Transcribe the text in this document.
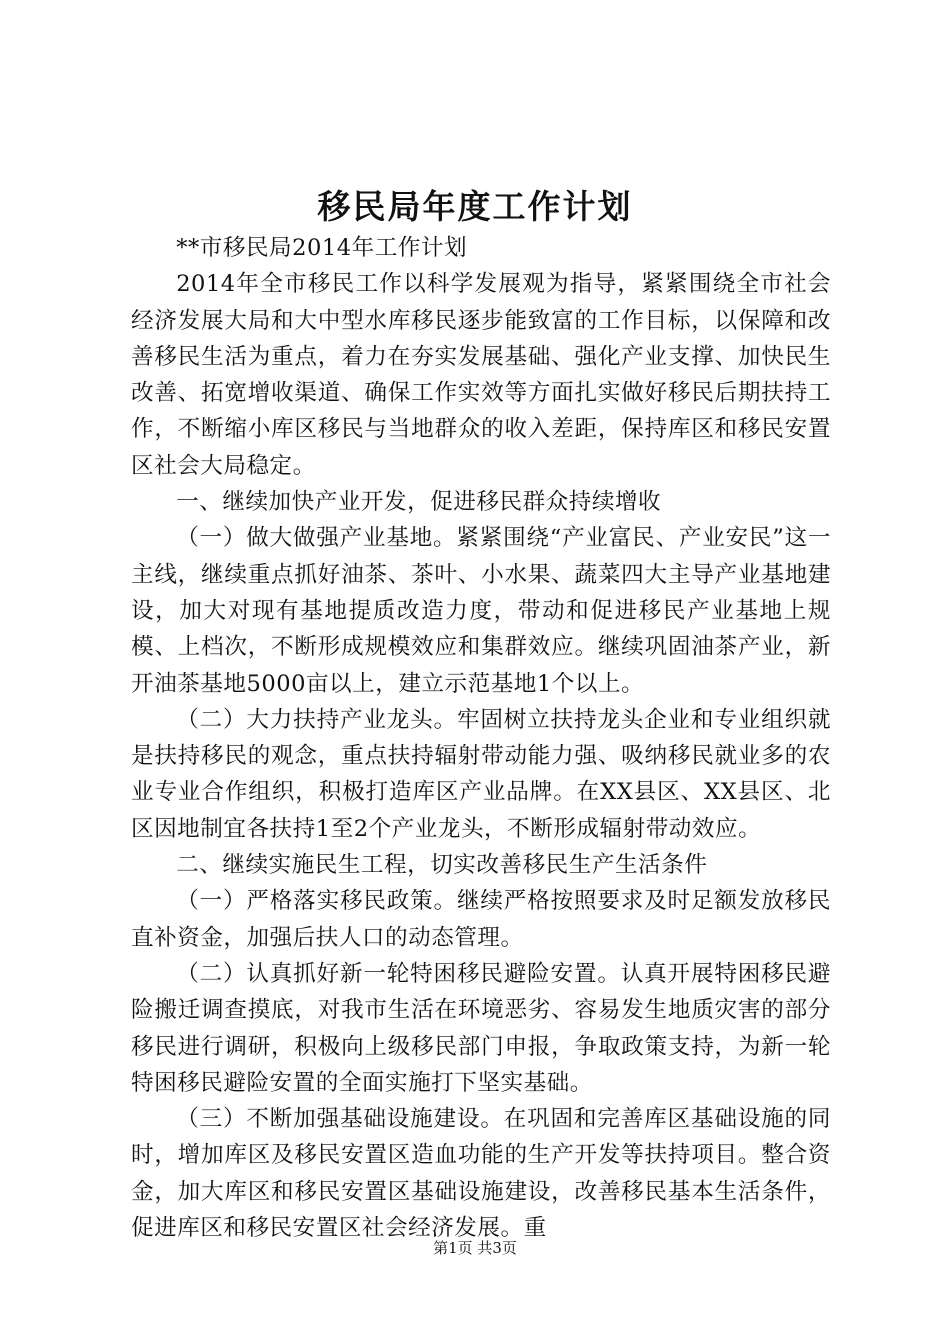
移民局年度工作计划

**市移民局2014年工作计划

2014年全市移民工作以科学发展观为指导，紧紧围绕全市社会经济发展大局和大中型水库移民逐步能致富的工作目标，以保障和改善移民生活为重点，着力在夯实发展基础、强化产业支撑、加快民生改善、拓宽增收渠道、确保工作实效等方面扎实做好移民后期扶持工作，不断缩小库区移民与当地群众的收入差距，保持库区和移民安置区社会大局稳定。

一、继续加快产业开发，促进移民群众持续增收

（一）做大做强产业基地。紧紧围绕“产业富民、产业安民”这一主线，继续重点抓好油茶、茶叶、小水果、蔬菜四大主导产业基地建设，加大对现有基地提质改造力度，带动和促进移民产业基地上规模、上档次，不断形成规模效应和集群效应。继续巩固油茶产业，新开油茶基地5000亩以上，建立示范基地1个以上。

（二）大力扶持产业龙头。牢固树立扶持龙头企业和专业组织就是扶持移民的观念，重点扶持辐射带动能力强、吸纳移民就业多的农业专业合作组织，积极打造库区产业品牌。在XX县区、XX县区、北区因地制宜各扶持1至2个产业龙头，不断形成辐射带动效应。

二、继续实施民生工程，切实改善移民生产生活条件

（一）严格落实移民政策。继续严格按照要求及时足额发放移民直补资金，加强后扶人口的动态管理。

（二）认真抓好新一轮特困移民避险安置。认真开展特困移民避险搬迁调查摸底，对我市生活在环境恶劣、容易发生地质灾害的部分移民进行调研，积极向上级移民部门申报，争取政策支持，为新一轮特困移民避险安置的全面实施打下坚实基础。

（三）不断加强基础设施建设。在巩固和完善库区基础设施的同时，增加库区及移民安置区造血功能的生产开发等扶持项目。整合资金，加大库区和移民安置区基础设施建设，改善移民基本生活条件，促进库区和移民安置区社会经济发展。重

第1页 共3页
